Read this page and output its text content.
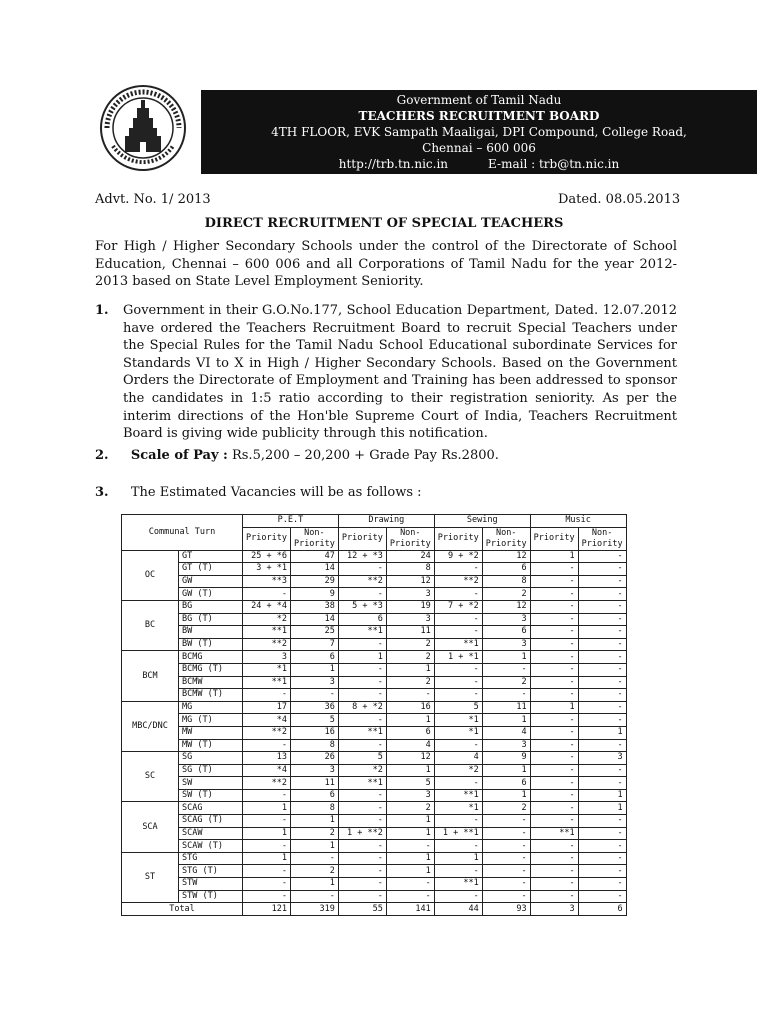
Government of Tamil Nadu
TEACHERS RECRUITMENT BOARD
4TH FLOOR, EVK Sampath Maaligai, DPI Compound, College Road,
Chennai – 600 006
http://trb.tn.nic.in	E-mail : trb@tn.nic.in
Advt. No. 1/ 2013	Dated. 08.05.2013
DIRECT RECRUITMENT OF SPECIAL TEACHERS
For High / Higher Secondary Schools under the control of the Directorate of School Education, Chennai – 600 006 and all Corporations of Tamil Nadu for the year 2012-2013 based on State Level Employment Seniority.
1. Government in their G.O.No.177, School Education Department, Dated. 12.07.2012 have ordered the Teachers Recruitment Board to recruit Special Teachers under the Special Rules for the Tamil Nadu School Educational subordinate Services for Standards VI to X in High / Higher Secondary Schools. Based on the Government Orders the Directorate of Employment and Training has been addressed to sponsor the candidates in 1:5 ratio according to their registration seniority. As per the interim directions of the Hon'ble Supreme Court of India, Teachers Recruitment Board is giving wide publicity through this notification.
2. Scale of Pay : Rs.5,200 – 20,200 + Grade Pay Rs.2800.
3. The Estimated Vacancies will be as follows :
Communal Turn		P.E.T		Drawing		Sewing		Music	
		Priority	Non-Priority	Priority	Non-Priority	Priority	Non-Priority	Priority	Non-Priority
OC	GT	25 + *6	47	12 + *3	24	9 + *2	12	1	-
	GT (T)	3 + *1	14	-	8	-	6	-	-
	GW	**3	29	**2	12	**2	8	-	-
	GW (T)	-	9	-	3	-	2	-	-
BC	BG	24 + *4	38	5 + *3	19	7 + *2	12	-	-
	BG (T)	*2	14	6	3	-	3	-	-
	BW	**1	25	**1	11	-	6	-	-
	BW (T)	**2	7	-	2	**1	3	-	-
BCM	BCMG	3	6	1	2	1 + *1	1	-	-
	BCMG (T)	*1	1	-	1	-	-	-	-
	BCMW	**1	3	-	2	-	2	-	-
	BCMW (T)	-	-	-	-	-	-	-	-
MBC/DNC	MG	17	36	8 + *2	16	5	11	1	-
	MG (T)	*4	5	-	1	*1	1	-	-
	MW	**2	16	**1	6	*1	4	-	1
	MW (T)	-	8	-	4	-	3	-	-
SC	SG	13	26	5	12	4	9	-	3
	SG (T)	*4	3	*2	1	*2	1	-	-
	SW	**2	11	**1	5	-	6	-	-
	SW (T)	-	6	-	3	**1	1	-	1
SCA	SCAG	1	8	-	2	*1	2	-	1
	SCAG (T)	-	1	-	1	-	-	-	-
	SCAW	1	2	1 + **2	1	1 + **1	-	**1	-
	SCAW (T)	-	1	-	-	-	-	-	-
ST	STG	1	-	-	1	1	-	-	-
	STG (T)	-	2	-	1	-	-	-	-
	STW	-	1	-	-	**1	-	-	-
	STW (T)	-	-	-	-	-	-	-	-
Total		121	319	55	141	44	93	3	6
